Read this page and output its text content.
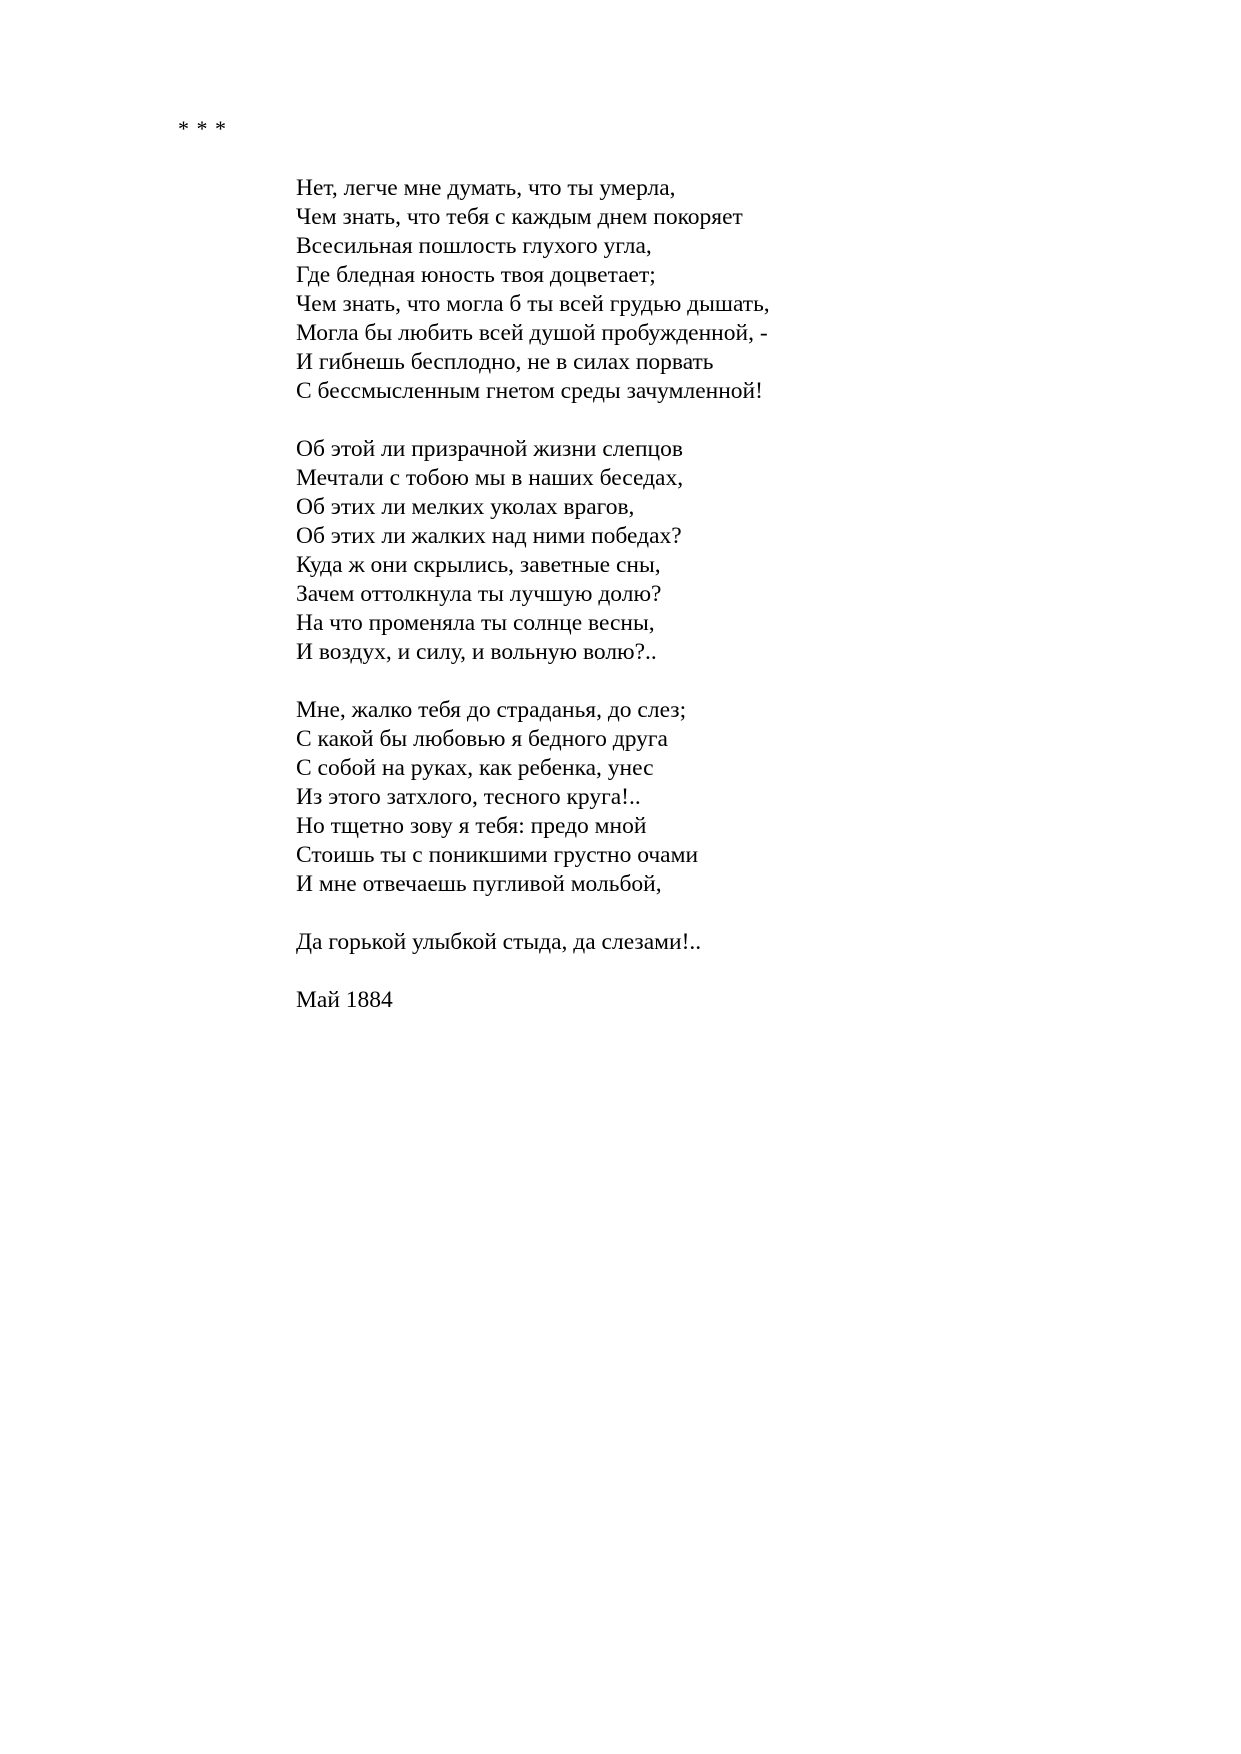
* * *
Нет, легче мне думать, что ты умерла,
Чем знать, что тебя с каждым днем покоряет
Всесильная пошлость глухого угла,
Где бледная юность твоя доцветает;
Чем знать, что могла б ты всей грудью дышать,
Могла бы любить всей душой пробужденной, -
И гибнешь бесплодно, не в силах порвать
С бессмысленным гнетом среды зачумленной!
Об этой ли призрачной жизни слепцов
Мечтали с тобою мы в наших беседах,
Об этих ли мелких уколах врагов,
Об этих ли жалких над ними победах?
Куда ж они скрылись, заветные сны,
Зачем оттолкнула ты лучшую долю?
На что променяла ты солнце весны,
И воздух, и силу, и вольную волю?..
Мне, жалко тебя до страданья, до слез;
С какой бы любовью я бедного друга
С собой на руках, как ребенка, унес
Из этого затхлого, тесного круга!..
Но тщетно зову я тебя: предо мной
Стоишь ты с поникшими грустно очами
И мне отвечаешь пугливой мольбой,
Да горькой улыбкой стыда, да слезами!..
Май 1884
